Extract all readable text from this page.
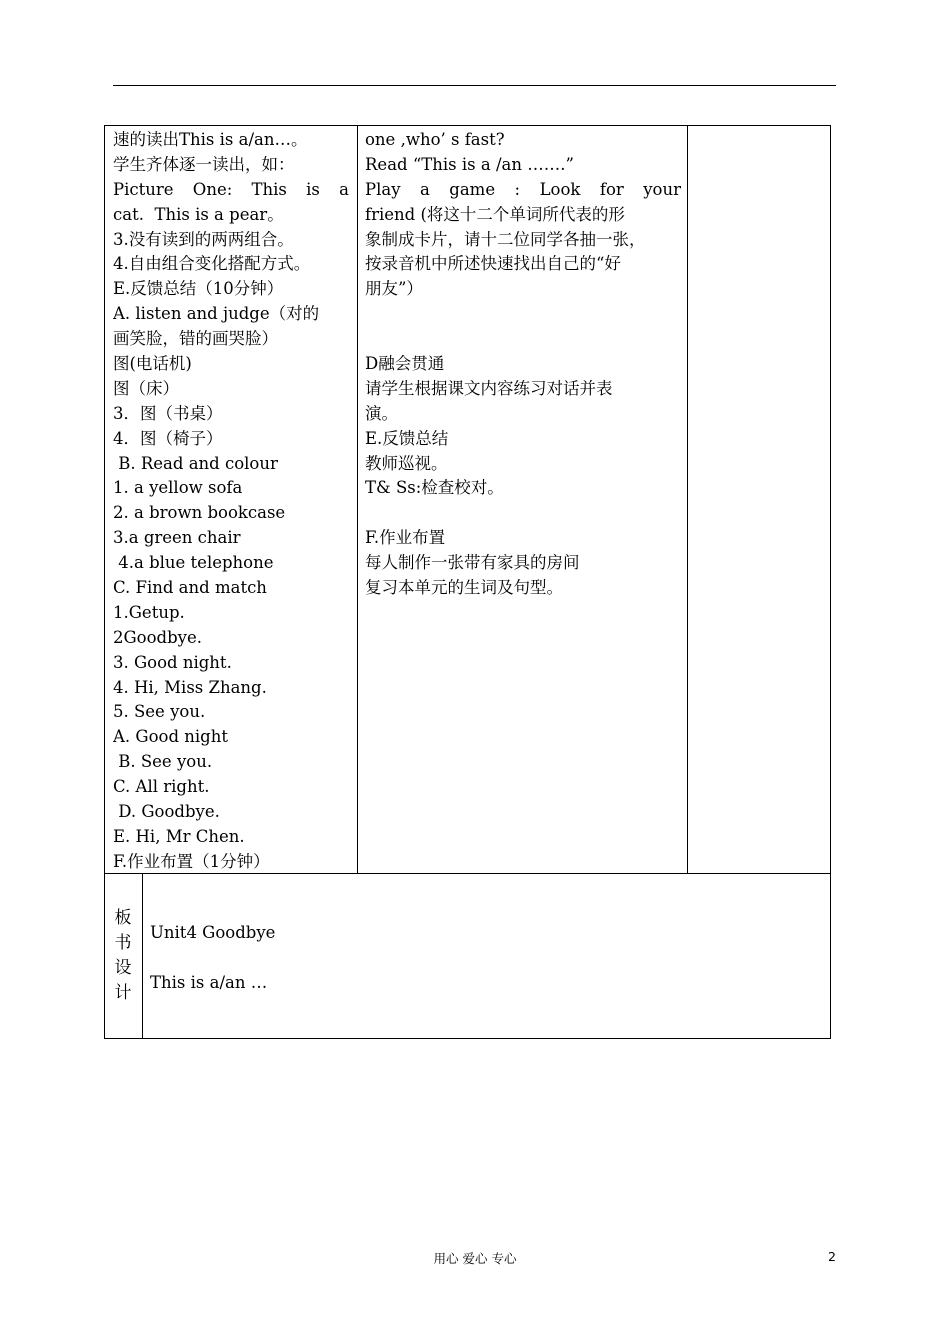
速的读出This is a/an…。
学生齐体逐一读出，如：
Picture One: This is a
cat.  This is a pear。
3.没有读到的两两组合。
4.自由组合变化搭配方式。
E.反馈总结（10分钟）
A. listen and judge（对的
画笑脸，错的画哭脸）
图(电话机)
图（床）
3．图（书桌）
4．图（椅子）
B. Read and colour
1. a yellow sofa
2. a brown bookcase
3.a green chair
4.a blue telephone
C. Find and match
1.Getup.
2Goodbye.
3. Good night.
4. Hi, Miss Zhang.
5. See you.
A. Good night
B. See you.
C. All right.
D. Goodbye.
E. Hi, Mr Chen.
F.作业布置（1分钟）
one ,who’ s fast?
Read “This is a /an …….”
Play a game : Look for your
friend (将这十二个单词所代表的形
象制成卡片，请十二位同学各抽一张，
按录音机中所述快速找出自己的“好
朋友”）
D融会贯通
请学生根据课文内容练习对话并表
演。
E.反馈总结
教师巡视。
T& Ss:检查校对。
F.作业布置
每人制作一张带有家具的房间
复习本单元的生词及句型。
板
书
设
计
Unit4 Goodbye
This is a/an …
用心 爱心 专心	2
